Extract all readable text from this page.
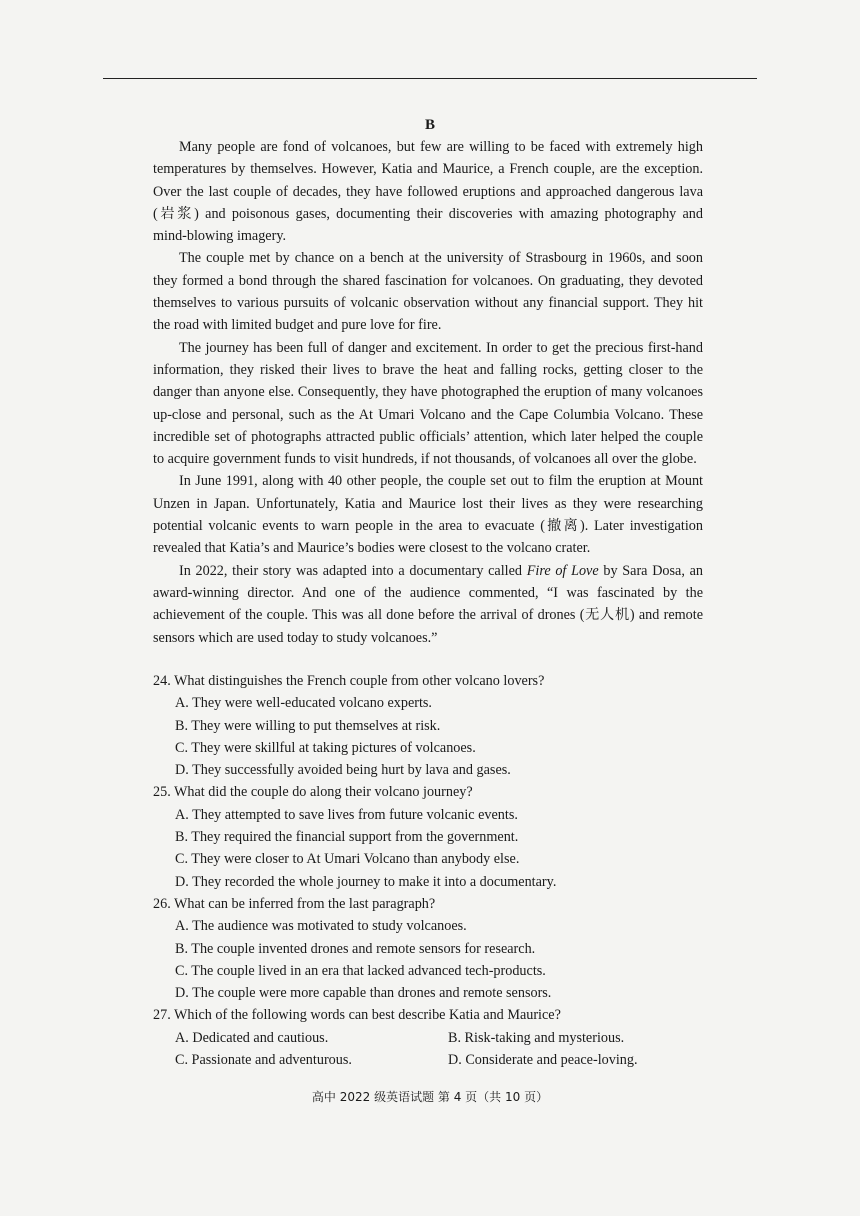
B

Many people are fond of volcanoes, but few are willing to be faced with extremely high temperatures by themselves. However, Katia and Maurice, a French couple, are the exception. Over the last couple of decades, they have followed eruptions and approached dangerous lava (岩浆) and poisonous gases, documenting their discoveries with amazing photography and mind-blowing imagery.

The couple met by chance on a bench at the university of Strasbourg in 1960s, and soon they formed a bond through the shared fascination for volcanoes. On graduating, they devoted themselves to various pursuits of volcanic observation without any financial support. They hit the road with limited budget and pure love for fire.

The journey has been full of danger and excitement. In order to get the precious first-hand information, they risked their lives to brave the heat and falling rocks, getting closer to the danger than anyone else. Consequently, they have photographed the eruption of many volcanoes up-close and personal, such as the At Umari Volcano and the Cape Columbia Volcano. These incredible set of photographs attracted public officials’ attention, which later helped the couple to acquire government funds to visit hundreds, if not thousands, of volcanoes all over the globe.

In June 1991, along with 40 other people, the couple set out to film the eruption at Mount Unzen in Japan. Unfortunately, Katia and Maurice lost their lives as they were researching potential volcanic events to warn people in the area to evacuate (撤离). Later investigation revealed that Katia’s and Maurice’s bodies were closest to the volcano crater.

In 2022, their story was adapted into a documentary called Fire of Love by Sara Dosa, an award-winning director. And one of the audience commented, “I was fascinated by the achievement of the couple. This was all done before the arrival of drones (无人机) and remote sensors which are used today to study volcanoes.”

24. What distinguishes the French couple from other volcano lovers?

A. They were well-educated volcano experts.

B. They were willing to put themselves at risk.

C. They were skillful at taking pictures of volcanoes.

D. They successfully avoided being hurt by lava and gases.

25. What did the couple do along their volcano journey?

A. They attempted to save lives from future volcanic events.

B. They required the financial support from the government.

C. They were closer to At Umari Volcano than anybody else.

D. They recorded the whole journey to make it into a documentary.

26. What can be inferred from the last paragraph?

A. The audience was motivated to study volcanoes.

B. The couple invented drones and remote sensors for research.

C. The couple lived in an era that lacked advanced tech-products.

D. The couple were more capable than drones and remote sensors.

27. Which of the following words can best describe Katia and Maurice?

A. Dedicated and cautious.	B. Risk-taking and mysterious.
C. Passionate and adventurous.	D. Considerate and peace-loving.
高中 2022 级英语试题 第 4 页（共 10 页）
